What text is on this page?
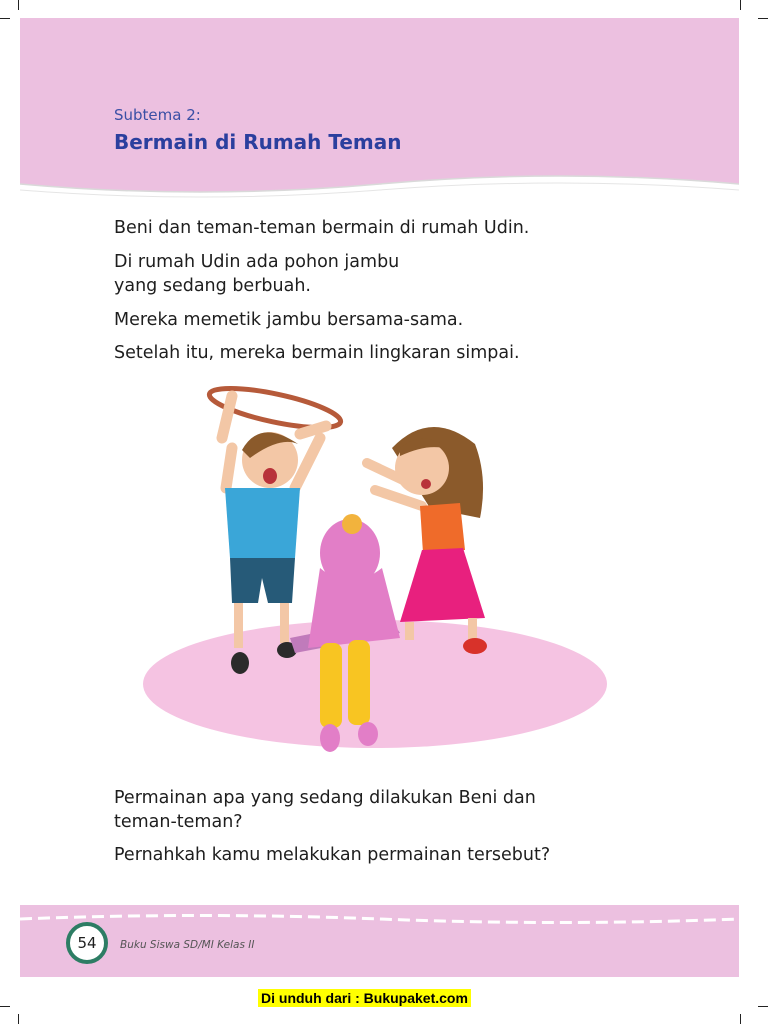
Subtema 2:
Bermain di Rumah Teman
Beni dan teman-teman bermain di rumah Udin.
Di rumah Udin ada pohon jambu
yang sedang berbuah.
Mereka memetik jambu bersama-sama.
Setelah itu, mereka bermain lingkaran simpai.
Permainan apa yang sedang dilakukan Beni dan
teman-teman?
Pernahkah kamu melakukan permainan tersebut?
54 Buku Siswa SD/MI Kelas II
Di unduh dari : Bukupaket.com
